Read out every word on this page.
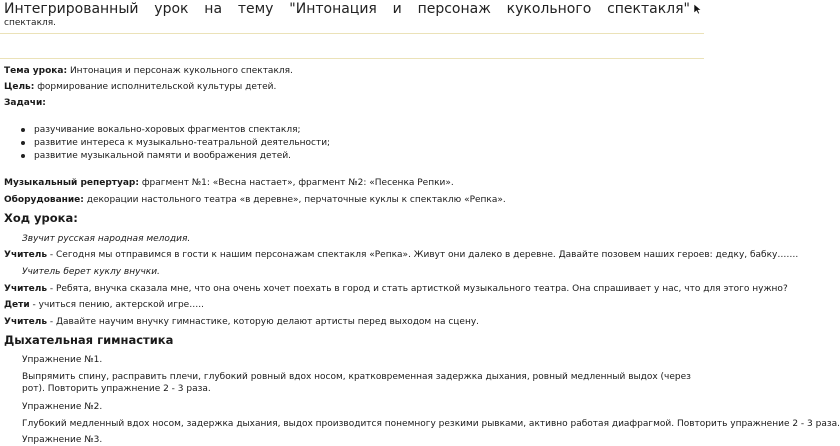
Интегрированный урок на тему "Интонация и персонаж кукольного спектакля"
спектакля.
Тема урока: Интонация и персонаж кукольного спектакля.
Цель: формирование исполнительской культуры детей.
Задачи:
разучивание вокально-хоровых фрагментов спектакля;
развитие интереса к музыкально-театральной деятельности;
развитие музыкальной памяти и воображения детей.
Музыкальный репертуар: фрагмент №1: «Весна настает», фрагмент №2: «Песенка Репки».
Оборудование: декорации настольного театра «в деревне», перчаточные куклы к спектаклю «Репка».
Ход урока:
Звучит русская народная мелодия.
Учитель - Сегодня мы отправимся в гости к нашим персонажам спектакля «Репка». Живут они далеко в деревне. Давайте позовем наших героев: дедку, бабку…….
Учитель берет куклу внучки.
Учитель - Ребята, внучка сказала мне, что она очень хочет поехать в город и стать артисткой музыкального театра. Она спрашивает у нас, что для этого нужно?
Дети - учиться пению, актерской игре…..
Учитель - Давайте научим внучку гимнастике, которую делают артисты перед выходом на сцену.
Дыхательная гимнастика
Упражнение №1.
Выпрямить спину, расправить плечи, глубокий ровный вдох носом, кратковременная задержка дыхания, ровный медленный выдох (через рот). Повторить упражнение 2 - 3 раза.
Упражнение №2.
Глубокий медленный вдох носом, задержка дыхания, выдох производится понемногу резкими рывками, активно работая диафрагмой. Повторить упражнение 2 - 3 раза.
Упражнение №3.
